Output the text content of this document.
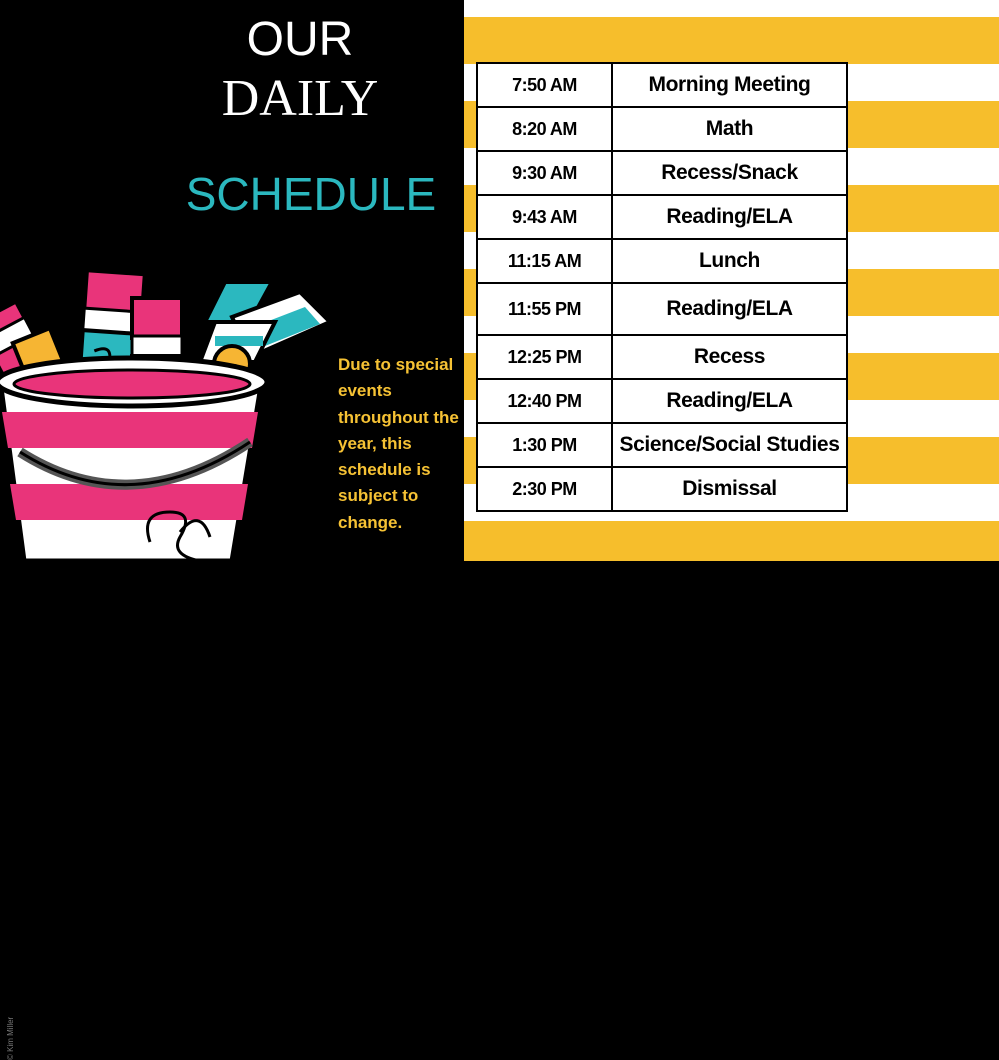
OUR
DAILY
SCHEDULE
Due to special events throughout the year, this schedule is subject to change.
© Kim Miller
7:50 AM	Morning Meeting
8:20 AM	Math
9:30 AM	Recess/Snack
9:43 AM	Reading/ELA
11:15 AM	Lunch
11:55 PM	Reading/ELA
12:25 PM	Recess
12:40 PM	Reading/ELA
1:30 PM	Science/Social Studies
2:30 PM	Dismissal
